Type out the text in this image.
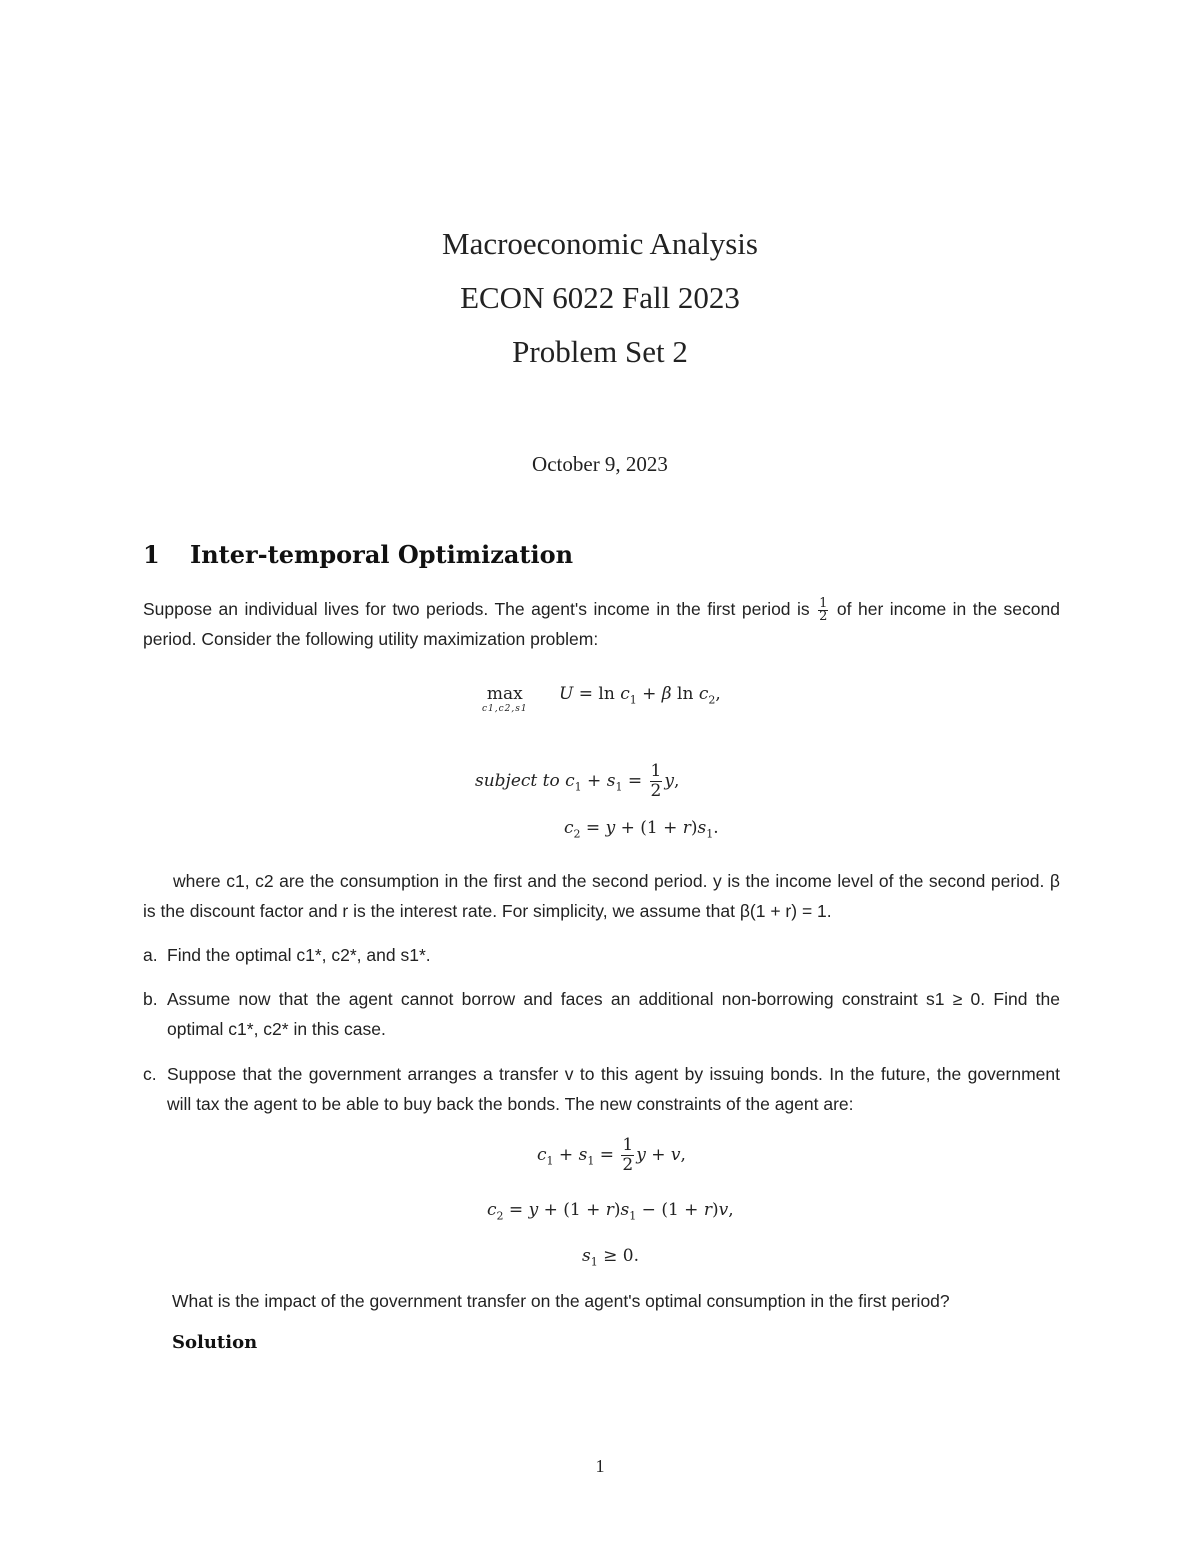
Macroeconomic Analysis
ECON 6022 Fall 2023
Problem Set 2
October 9, 2023
1 Inter-temporal Optimization
Suppose an individual lives for two periods. The agent's income in the first period is $\frac{1}{2}$ of her income in the second period. Consider the following utility maximization problem:
max
c1,c2,s1
$U = \ln c_1 + \beta$ $\ln c_2$,
subject to $c_1 + s_1 = \frac{1}{2} y$,
$c_2 = y + (1 + r)s_1$.
where c1, c2 are the consumption in the first and the second period. y is the income level of the second period. β is the discount factor and r is the interest rate. For simplicity, we assume that β(1 + r) = 1.
a. Find the optimal c1*, c2*, and s1*.
b. Assume now that the agent cannot borrow and faces an additional non-borrowing constraint s1 ≥ 0. Find the optimal c1*, c2* in this case.
c. Suppose that the government arranges a transfer v to this agent by issuing bonds. In the future, the government will tax the agent to be able to buy back the bonds. The new constraints of the agent are:
$c_1 + s_1 = \frac{1}{2}$ y + v,
$c_2 = y + (1 + r)s_1 - (1 + r)v$,
$s_1 \ge 0$.
What is the impact of the government transfer on the agent's optimal consumption in the first period?
Solution
1
